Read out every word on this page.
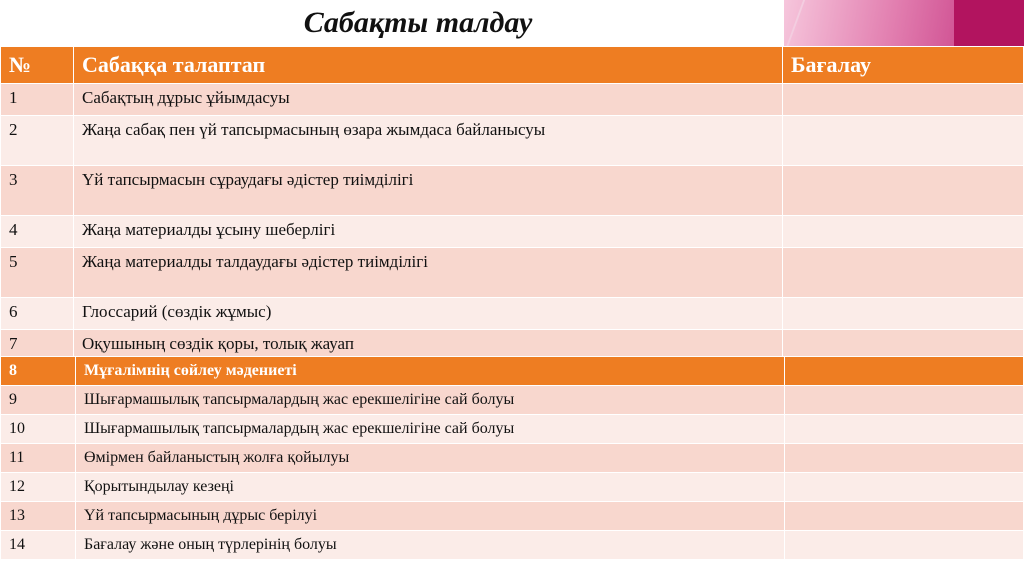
Сабақты талдау
№	Сабаққа талаптап	Бағалау
1	Сабақтың дұрыс ұйымдасуы	
2	Жаңа сабақ пен үй тапсырмасының өзара жымдаса байланысуы	
3	Үй тапсырмасын сұраудағы әдістер тиімділігі	
4	Жаңа материалды ұсыну шеберлігі	
5	Жаңа материалды талдаудағы әдістер тиімділігі	
6	Глоссарий (сөздік жұмыс)	
7	Оқушының сөздік қоры, толық жауап	
8	Мұғалімнің сөйлеу мәдениеті	
9	Шығармашылық тапсырмалардың жас ерекшелігіне сай болуы	
10	Шығармашылық тапсырмалардың жас ерекшелігіне сай болуы	
11	Өмірмен байланыстың жолға қойылуы	
12	Қорытындылау кезеңі	
13	Үй тапсырмасының дұрыс берілуі	
14	Бағалау және оның түрлерінің болуы	
